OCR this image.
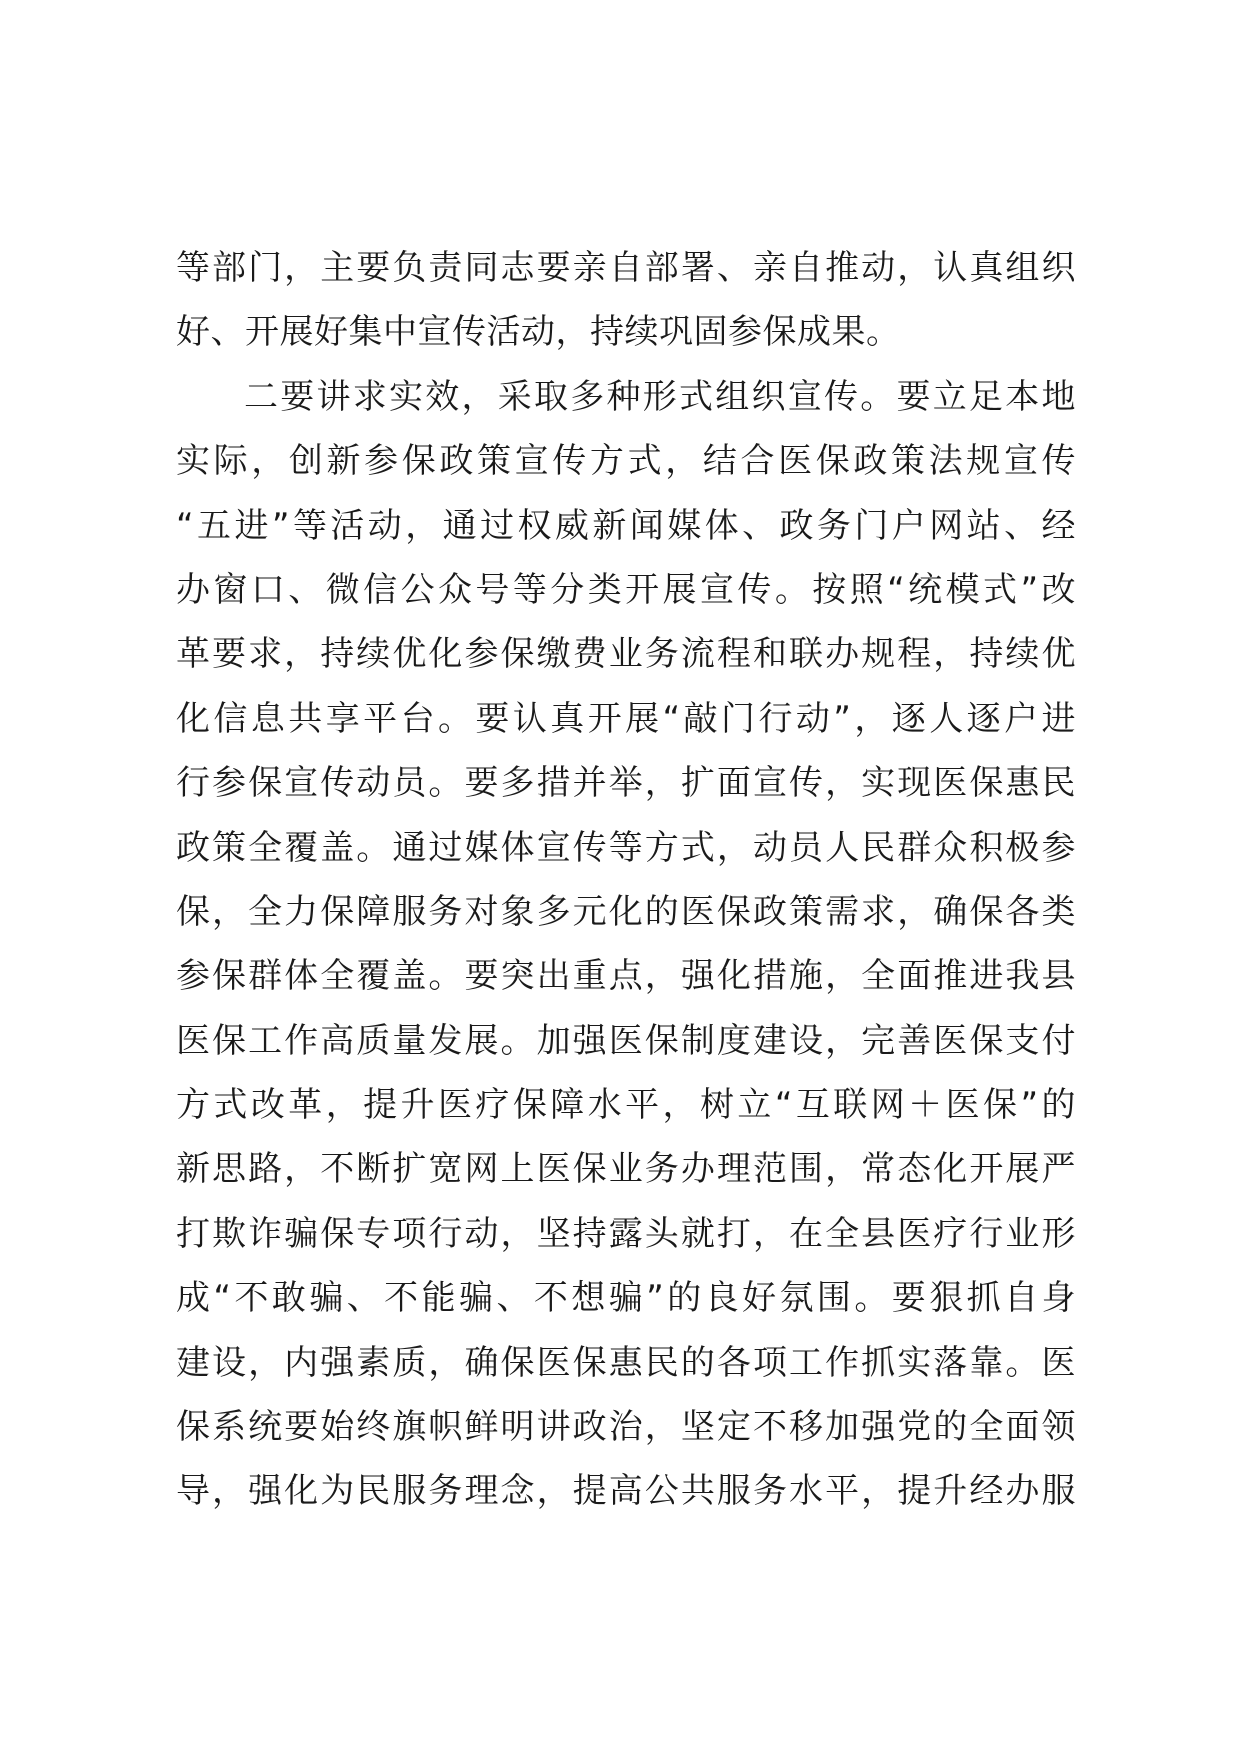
等部门，主要负责同志要亲自部署、亲自推动，认真组织
好、开展好集中宣传活动，持续巩固参保成果。
二要讲求实效，采取多种形式组织宣传。要立足本地
实际，创新参保政策宣传方式，结合医保政策法规宣传
“五进”等活动，通过权威新闻媒体、政务门户网站、经
办窗口、微信公众号等分类开展宣传。按照“统模式”改
革要求，持续优化参保缴费业务流程和联办规程，持续优
化信息共享平台。要认真开展“敲门行动”，逐人逐户进
行参保宣传动员。要多措并举，扩面宣传，实现医保惠民
政策全覆盖。通过媒体宣传等方式，动员人民群众积极参
保，全力保障服务对象多元化的医保政策需求，确保各类
参保群体全覆盖。要突出重点，强化措施，全面推进我县
医保工作高质量发展。加强医保制度建设，完善医保支付
方式改革，提升医疗保障水平，树立“互联网＋医保”的
新思路，不断扩宽网上医保业务办理范围，常态化开展严
打欺诈骗保专项行动，坚持露头就打，在全县医疗行业形
成“不敢骗、不能骗、不想骗”的良好氛围。要狠抓自身
建设，内强素质，确保医保惠民的各项工作抓实落靠。医
保系统要始终旗帜鲜明讲政治，坚定不移加强党的全面领
导，强化为民服务理念，提高公共服务水平，提升经办服
